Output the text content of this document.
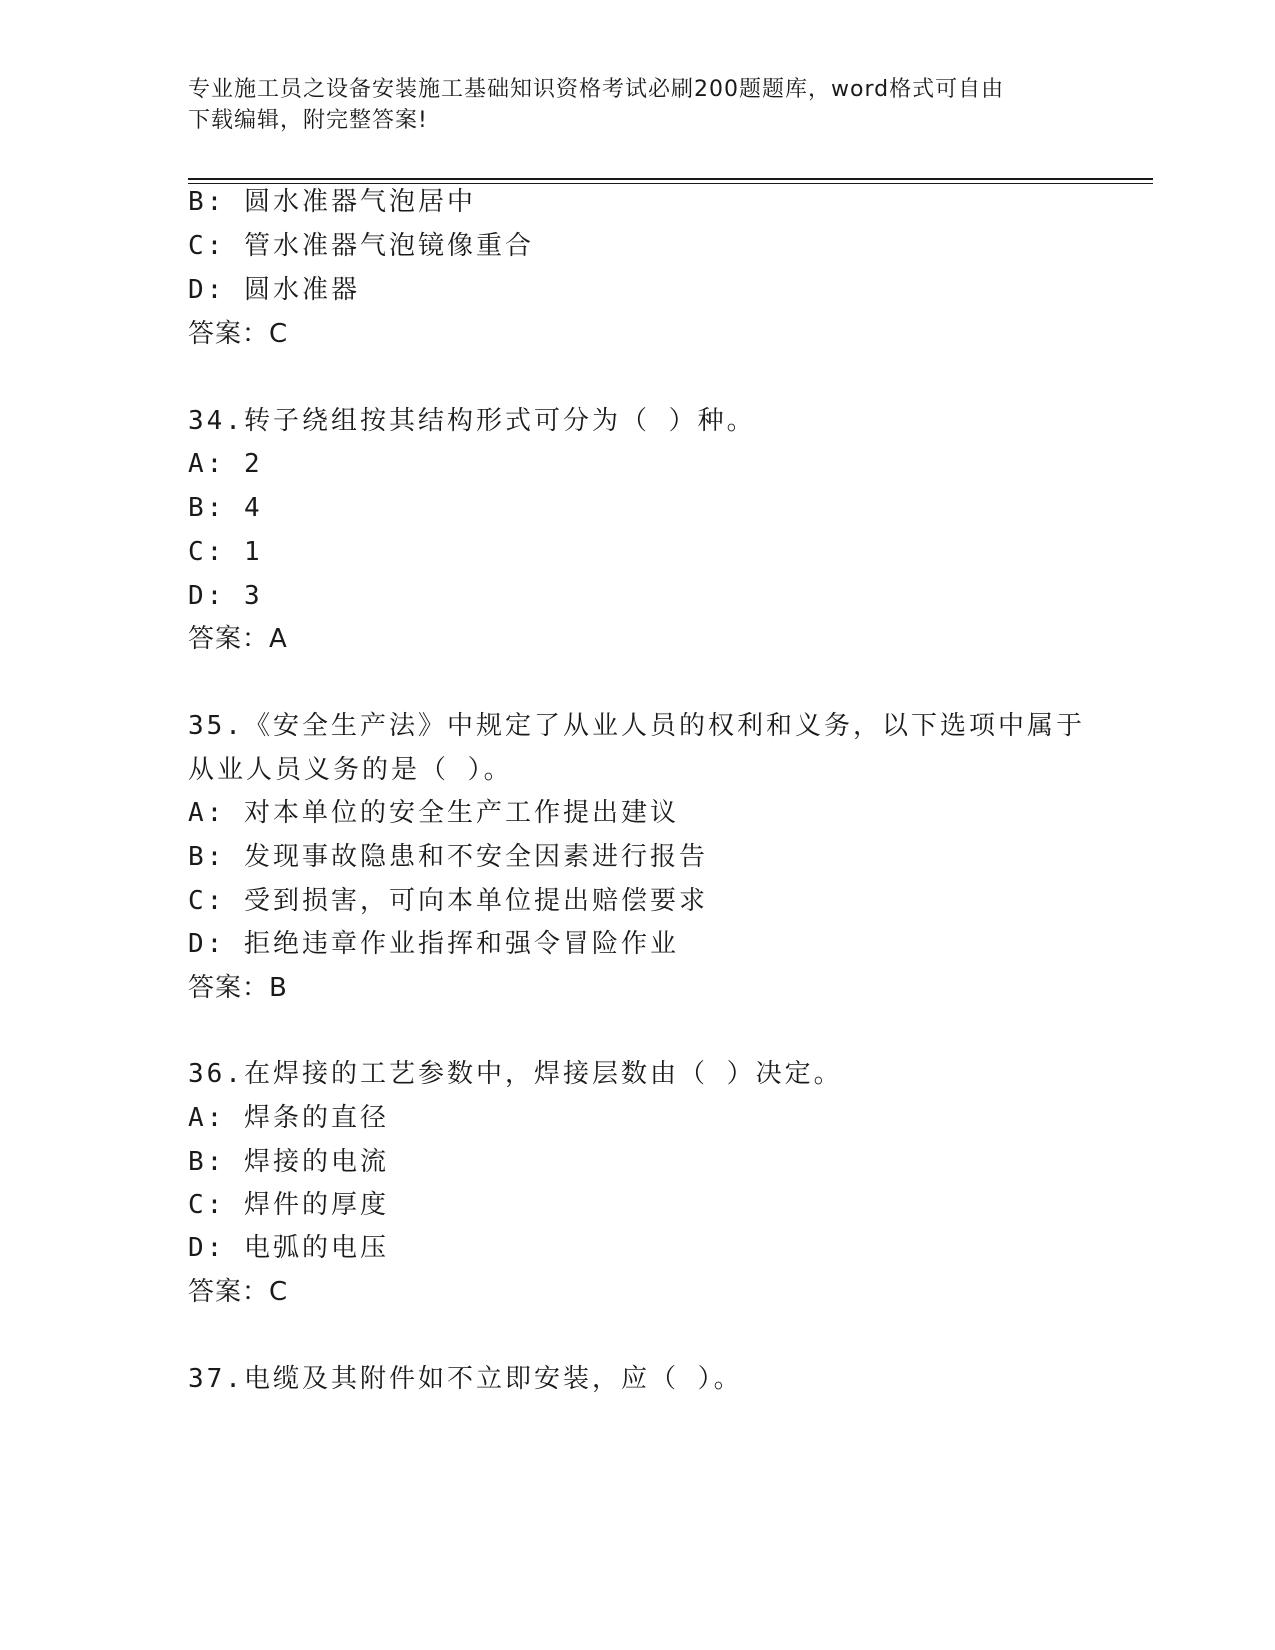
专业施工员之设备安装施工基础知识资格考试必刷200题题库，word格式可自由
下载编辑，附完整答案!
B: 圆水准器气泡居中
C: 管水准器气泡镜像重合
D: 圆水准器
答案：C
34.转子绕组按其结构形式可分为（ ）种。
A: 2
B: 4
C: 1
D: 3
答案：A
35.《安全生产法》中规定了从业人员的权利和义务，以下选项中属于
从业人员义务的是（ ）。
A: 对本单位的安全生产工作提出建议
B: 发现事故隐患和不安全因素进行报告
C: 受到损害，可向本单位提出赔偿要求
D: 拒绝违章作业指挥和强令冒险作业
答案：B
36.在焊接的工艺参数中，焊接层数由（ ）决定。
A: 焊条的直径
B: 焊接的电流
C: 焊件的厚度
D: 电弧的电压
答案：C
37.电缆及其附件如不立即安装，应（ ）。
